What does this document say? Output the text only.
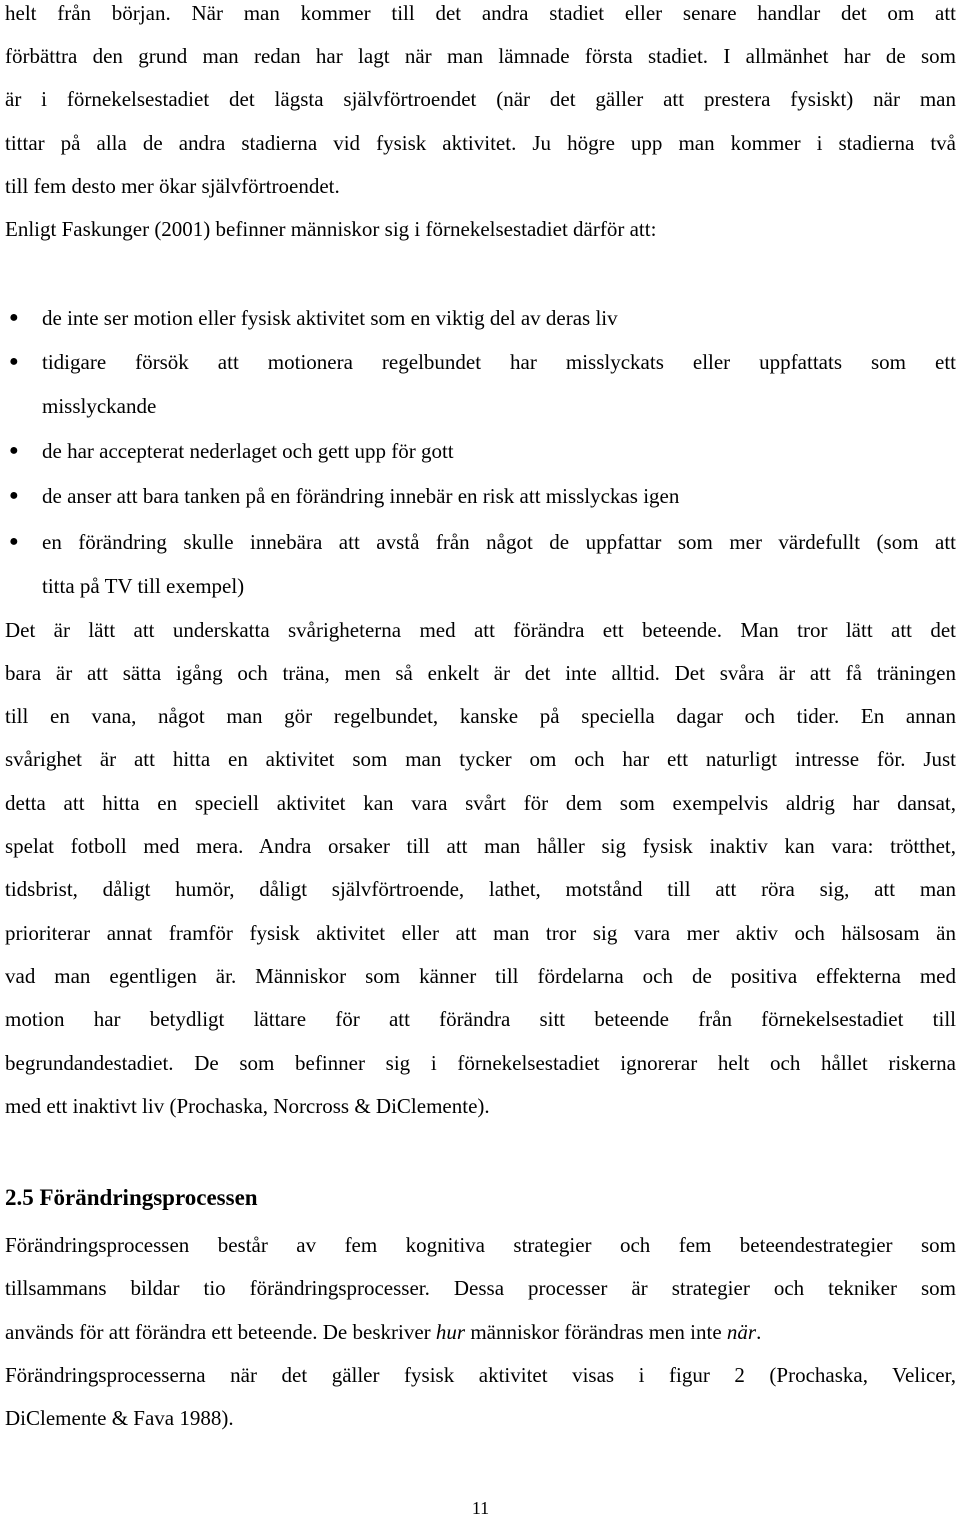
helt från början. När man kommer till det andra stadiet eller senare handlar det om att
förbättra den grund man redan har lagt när man lämnade första stadiet. I allmänhet har de som
är i förnekelsestadiet det lägsta självförtroendet (när det gäller att prestera fysiskt) när man
tittar på alla de andra stadierna vid fysisk aktivitet. Ju högre upp man kommer i stadierna två
till fem desto mer ökar självförtroendet.
Enligt Faskunger (2001) befinner människor sig i förnekelsestadiet därför att:
● de inte ser motion eller fysisk aktivitet som en viktig del av deras liv
● tidigare försök att motionera regelbundet har misslyckats eller uppfattats som ett
misslyckande
● de har accepterat nederlaget och gett upp för gott
● de anser att bara tanken på en förändring innebär en risk att misslyckas igen
● en förändring skulle innebära att avstå från något de uppfattar som mer värdefullt (som att
titta på TV till exempel)
Det är lätt att underskatta svårigheterna med att förändra ett beteende. Man tror lätt att det
bara är att sätta igång och träna, men så enkelt är det inte alltid. Det svåra är att få träningen
till en vana, något man gör regelbundet, kanske på speciella dagar och tider. En annan
svårighet är att hitta en aktivitet som man tycker om och har ett naturligt intresse för. Just
detta att hitta en speciell aktivitet kan vara svårt för dem som exempelvis aldrig har dansat,
spelat fotboll med mera. Andra orsaker till att man håller sig fysisk inaktiv kan vara: trötthet,
tidsbrist, dåligt humör, dåligt självförtroende, lathet, motstånd till att röra sig, att man
prioriterar annat framför fysisk aktivitet eller att man tror sig vara mer aktiv och hälsosam än
vad man egentligen är. Människor som känner till fördelarna och de positiva effekterna med
motion har betydligt lättare för att förändra sitt beteende från förnekelsestadiet till
begrundandestadiet. De som befinner sig i förnekelsestadiet ignorerar helt och hållet riskerna
med ett inaktivt liv (Prochaska, Norcross & DiClemente).
2.5 Förändringsprocessen
Förändringsprocessen består av fem kognitiva strategier och fem beteendestrategier som
tillsammans bildar tio förändringsprocesser. Dessa processer är strategier och tekniker som
används för att förändra ett beteende. De beskriver hur människor förändras men inte när.
Förändringsprocesserna när det gäller fysisk aktivitet visas i figur 2 (Prochaska, Velicer,
DiClemente & Fava 1988).
11
